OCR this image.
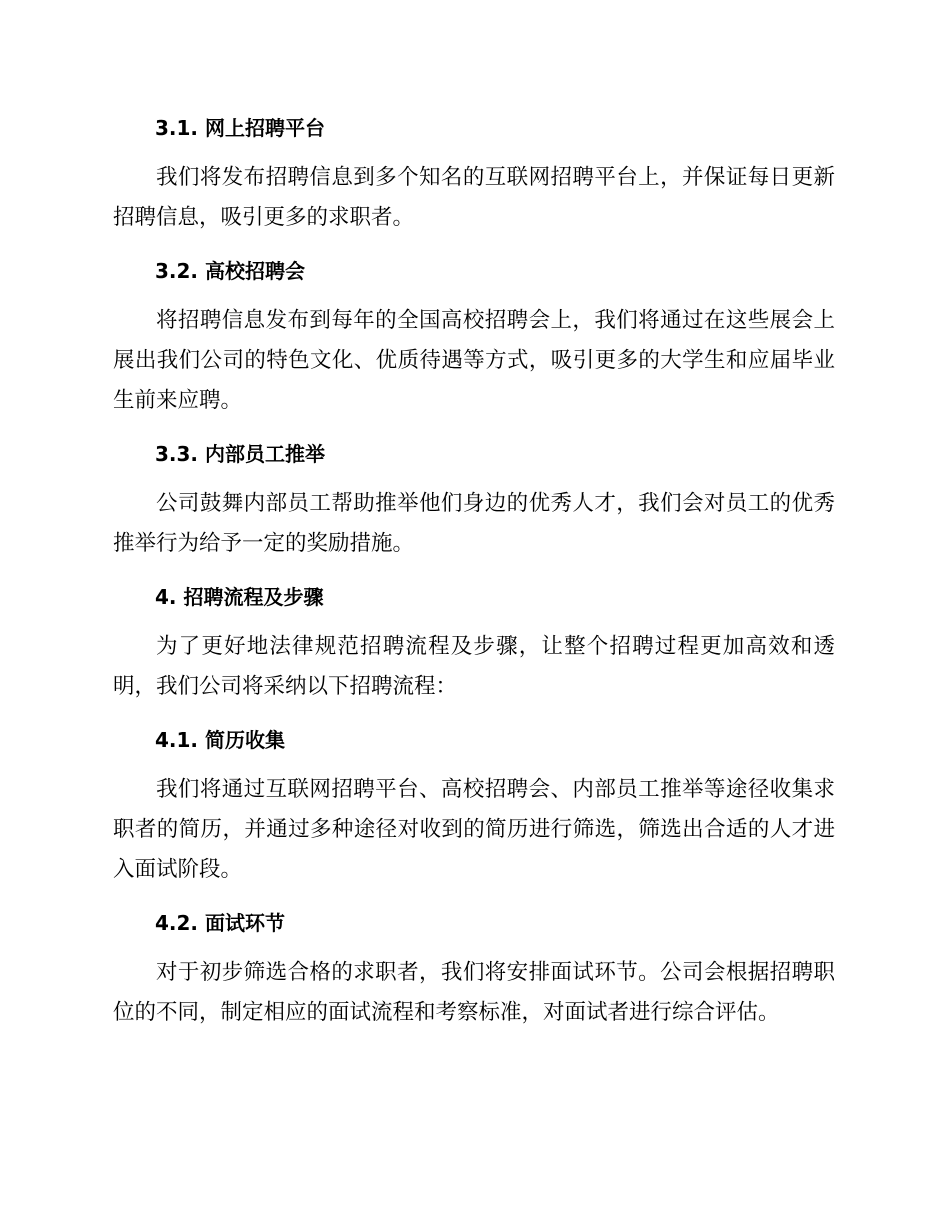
3.1. 网上招聘平台

我们将发布招聘信息到多个知名的互联网招聘平台上，并保证每日更新招聘信息，吸引更多的求职者。

3.2. 高校招聘会

将招聘信息发布到每年的全国高校招聘会上，我们将通过在这些展会上展出我们公司的特色文化、优质待遇等方式，吸引更多的大学生和应届毕业生前来应聘。

3.3. 内部员工推举

公司鼓舞内部员工帮助推举他们身边的优秀人才，我们会对员工的优秀推举行为给予一定的奖励措施。

4. 招聘流程及步骤

为了更好地法律规范招聘流程及步骤，让整个招聘过程更加高效和透明，我们公司将采纳以下招聘流程：

4.1. 简历收集

我们将通过互联网招聘平台、高校招聘会、内部员工推举等途径收集求职者的简历，并通过多种途径对收到的简历进行筛选，筛选出合适的人才进入面试阶段。

4.2. 面试环节

对于初步筛选合格的求职者，我们将安排面试环节。公司会根据招聘职位的不同，制定相应的面试流程和考察标准，对面试者进行综合评估。
